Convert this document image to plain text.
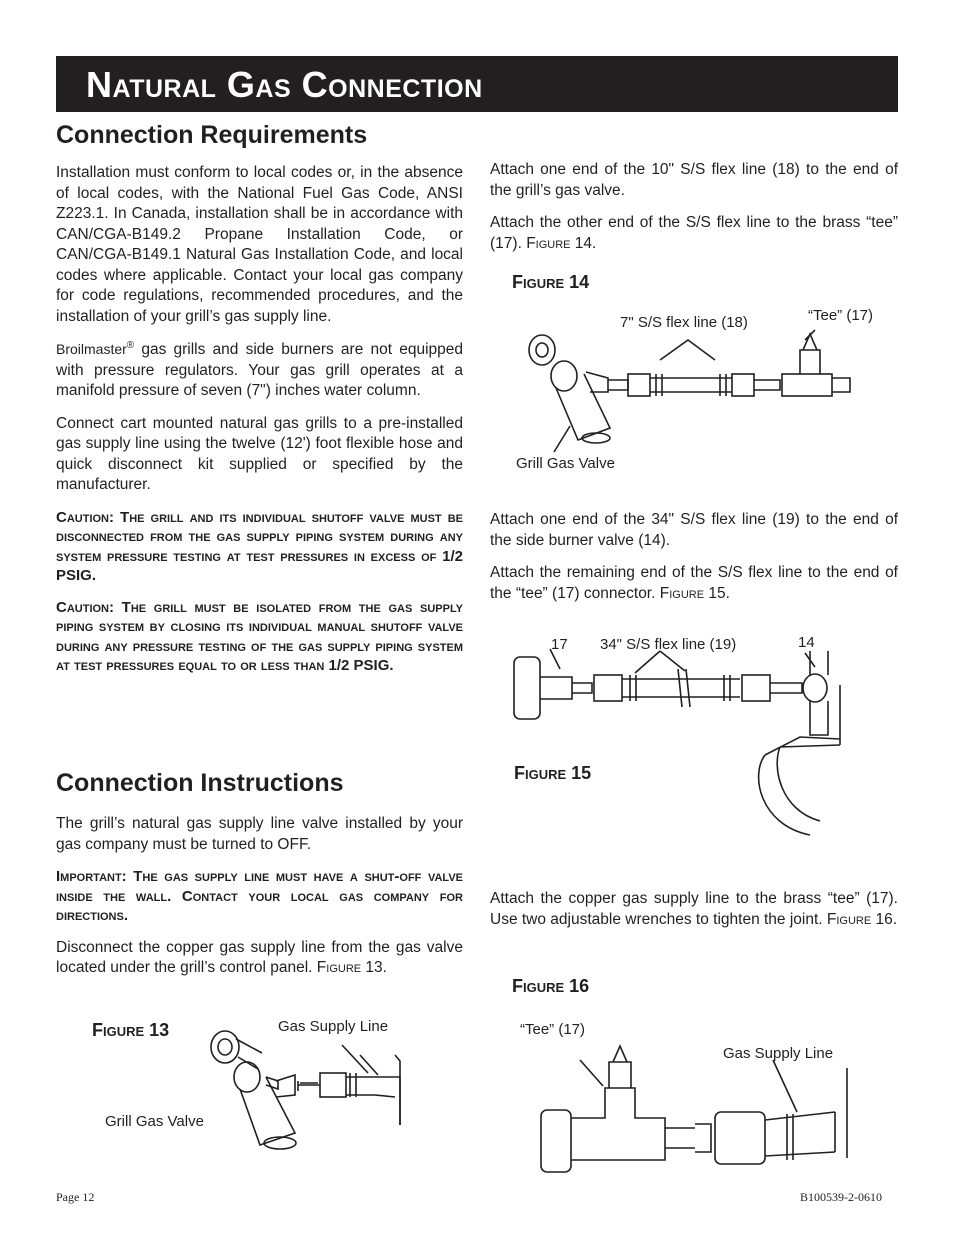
Natural Gas Connection
Connection Requirements

Installation must conform to local codes or, in the absence of local codes, with the National Fuel Gas Code, ANSI Z223.1. In Canada, installation shall be in accordance with CAN/CGA-B149.2 Propane Installation Code, or CAN/CGA-B149.1 Natural Gas Installation Code, and local codes where applicable. Contact your local gas company for code regulations, recommended procedures, and the installation of your grill’s gas supply line.

Broilmaster® gas grills and side burners are not equipped with pressure regulators. Your gas grill operates at a manifold pressure of seven (7") inches water column.

Connect cart mounted natural gas grills to a pre-installed gas supply line using the twelve (12') foot flexible hose and quick disconnect kit supplied or specified by the manufacturer.

Caution: The grill and its individual shutoff valve must be disconnected from the gas supply piping system during any system pressure testing at test pressures in excess of 1/2 PSIG.

Caution: The grill must be isolated from the gas supply piping system by closing its individual manual shutoff valve during any pressure testing of the gas supply piping system at test pressures equal to or less than 1/2 PSIG.

Connection Instructions

The grill’s natural gas supply line valve installed by your gas company must be turned to OFF.

Important: The gas supply line must have a shut-off valve inside the wall. Contact your local gas company for directions.

Disconnect the copper gas supply line from the gas valve located under the grill’s control panel. Figure 13.

Figure 13	Gas Supply Line
Grill Gas Valve

Attach one end of the 10" S/S flex line (18) to the end of the grill’s gas valve.

Attach the other end of the S/S flex line to the brass “tee” (17). Figure 14.

Figure 14
7" S/S flex line (18)	“Tee” (17)
Grill Gas Valve

Attach one end of the 34" S/S flex line (19) to the end of the side burner valve (14).

Attach the remaining end of the S/S flex line to the end of the “tee” (17) connector. Figure 15.

17 34" S/S flex line (19)	14
Figure 15

Attach the copper gas supply line to the brass “tee” (17). Use two adjustable wrenches to tighten the joint. Figure 16.

Figure 16
“Tee” (17)
Gas Supply Line
Page 12	B100539-2-0610
